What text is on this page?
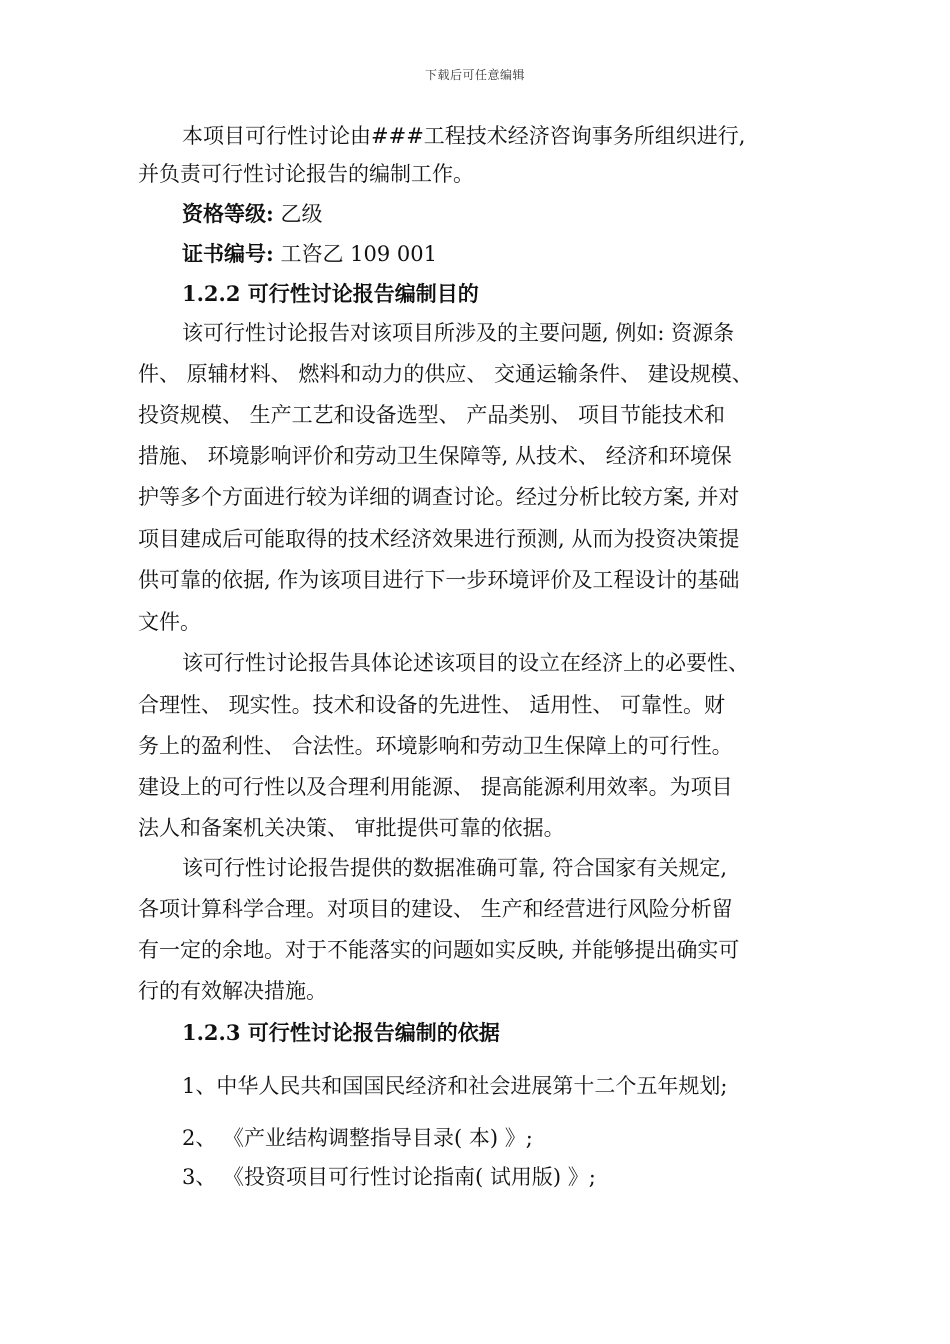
下载后可任意编辑
本项目可行性讨论由###工程技术经济咨询事务所组织进行,
并负责可行性讨论报告的编制工作。
资格等级: 乙级
证书编号: 工咨乙 109 001
1.2.2 可行性讨论报告编制目的
该可行性讨论报告对该项目所涉及的主要问题, 例如: 资源条
件、 原辅材料、 燃料和动力的供应、 交通运输条件、 建设规模、
投资规模、 生产工艺和设备选型、 产品类别、 项目节能技术和
措施、 环境影响评价和劳动卫生保障等, 从技术、 经济和环境保
护等多个方面进行较为详细的调查讨论。经过分析比较方案, 并对
项目建成后可能取得的技术经济效果进行预测, 从而为投资决策提
供可靠的依据, 作为该项目进行下一步环境评价及工程设计的基础
文件。
该可行性讨论报告具体论述该项目的设立在经济上的必要性、
合理性、 现实性。技术和设备的先进性、 适用性、 可靠性。财
务上的盈利性、 合法性。环境影响和劳动卫生保障上的可行性。
建设上的可行性以及合理利用能源、 提高能源利用效率。为项目
法人和备案机关决策、 审批提供可靠的依据。
该可行性讨论报告提供的数据准确可靠, 符合国家有关规定,
各项计算科学合理。对项目的建设、 生产和经营进行风险分析留
有一定的余地。对于不能落实的问题如实反映, 并能够提出确实可
行的有效解决措施。
1.2.3 可行性讨论报告编制的依据
1、中华人民共和国国民经济和社会进展第十二个五年规划;
2、 《产业结构调整指导目录( 本) 》;
3、 《投资项目可行性讨论指南( 试用版) 》;
